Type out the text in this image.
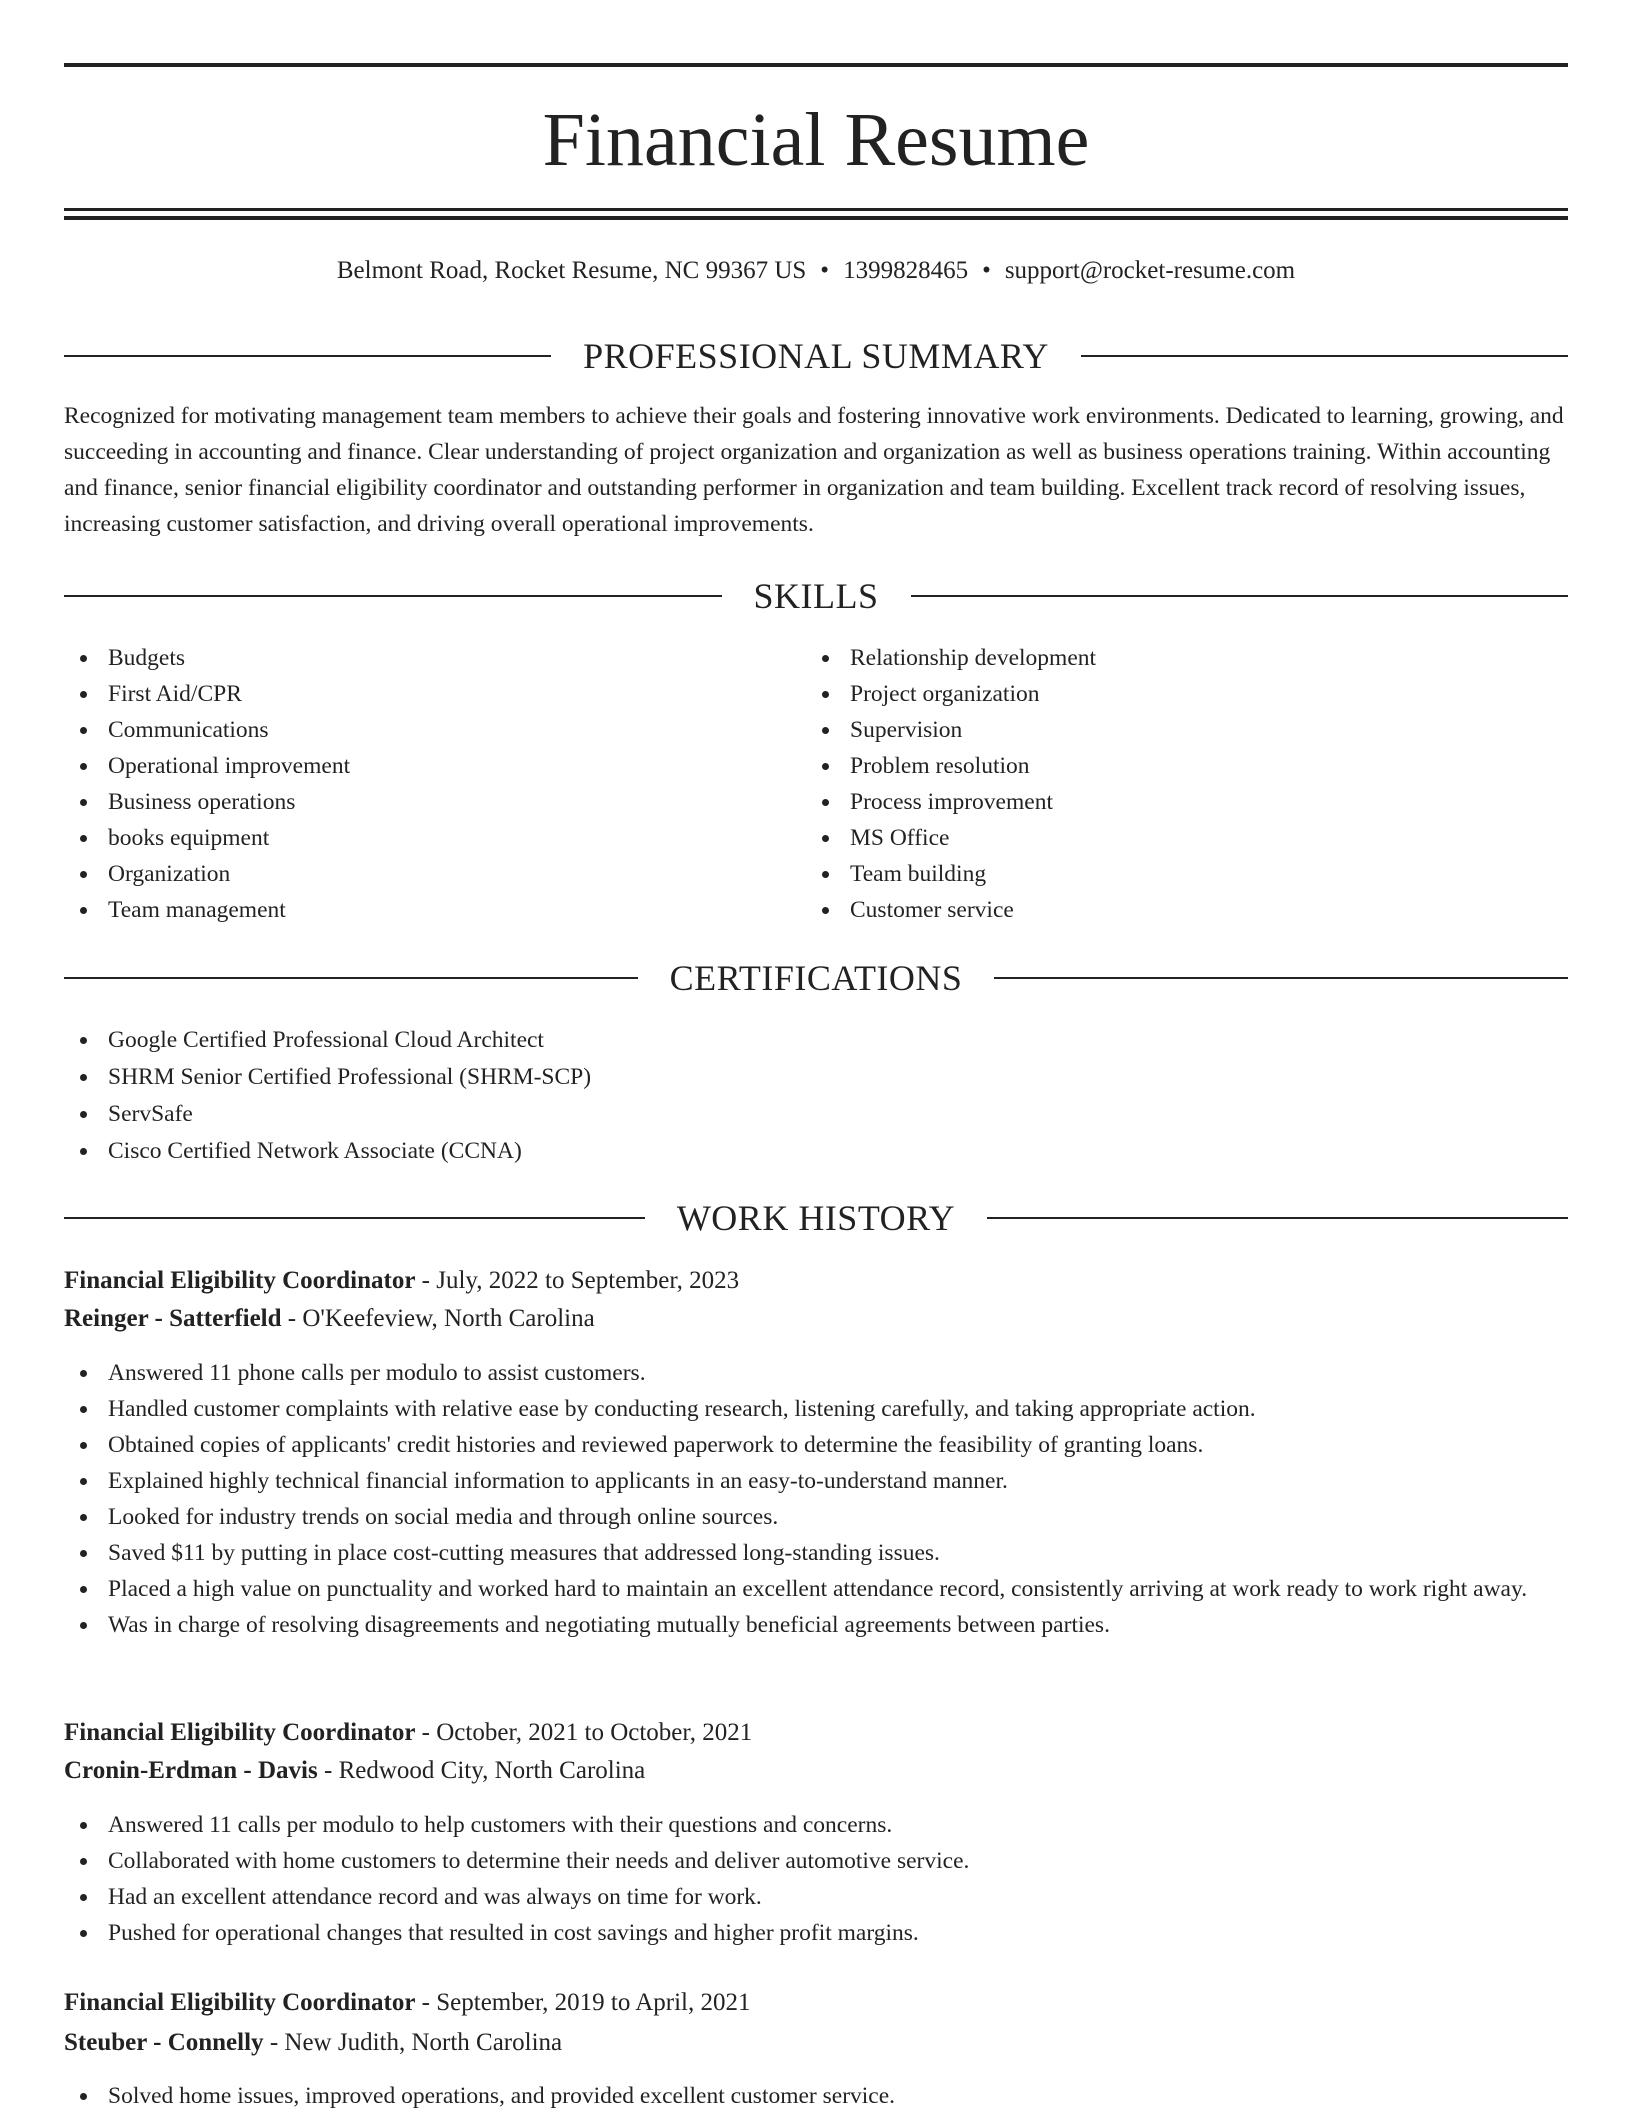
Financial Resume
Belmont Road, Rocket Resume, NC 99367 US • 1399828465 • support@rocket-resume.com
PROFESSIONAL SUMMARY

Recognized for motivating management team members to achieve their goals and fostering innovative work environments. Dedicated to learning, growing, and succeeding in accounting and finance. Clear understanding of project organization and organization as well as business operations training. Within accounting and finance, senior financial eligibility coordinator and outstanding performer in organization and team building. Excellent track record of resolving issues, increasing customer satisfaction, and driving overall operational improvements.

SKILLS
Budgets
First Aid/CPR
Communications
Operational improvement
Business operations
books equipment
Organization
Team management
Relationship development
Project organization
Supervision
Problem resolution
Process improvement
MS Office
Team building
Customer service
CERTIFICATIONS
Google Certified Professional Cloud Architect
SHRM Senior Certified Professional (SHRM-SCP)
ServSafe
Cisco Certified Network Associate (CCNA)
WORK HISTORY
Financial Eligibility Coordinator - July, 2022 to September, 2023
Reinger - Satterfield - O'Keefeview, North Carolina
Answered 11 phone calls per modulo to assist customers.
Handled customer complaints with relative ease by conducting research, listening carefully, and taking appropriate action.
Obtained copies of applicants' credit histories and reviewed paperwork to determine the feasibility of granting loans.
Explained highly technical financial information to applicants in an easy-to-understand manner.
Looked for industry trends on social media and through online sources.
Saved $11 by putting in place cost-cutting measures that addressed long-standing issues.
Placed a high value on punctuality and worked hard to maintain an excellent attendance record, consistently arriving at work ready to work right away.
Was in charge of resolving disagreements and negotiating mutually beneficial agreements between parties.
Financial Eligibility Coordinator - October, 2021 to October, 2021
Cronin-Erdman - Davis - Redwood City, North Carolina
Answered 11 calls per modulo to help customers with their questions and concerns.
Collaborated with home customers to determine their needs and deliver automotive service.
Had an excellent attendance record and was always on time for work.
Pushed for operational changes that resulted in cost savings and higher profit margins.
Financial Eligibility Coordinator - September, 2019 to April, 2021
Steuber - Connelly - New Judith, North Carolina
Solved home issues, improved operations, and provided excellent customer service.
